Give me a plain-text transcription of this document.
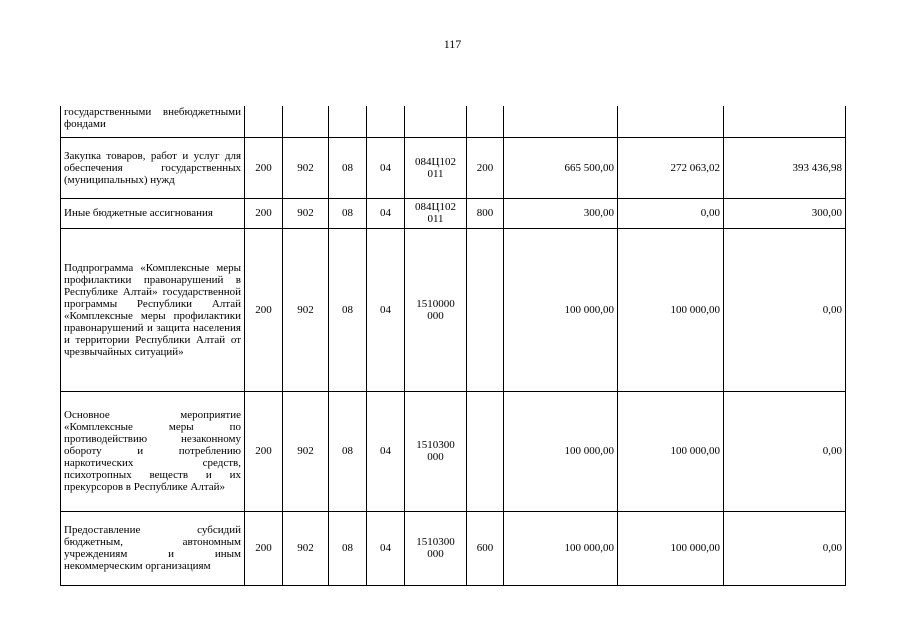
117
государственными внебюджетными фондами									
Закупка товаров, работ и услуг для обеспечения государственных (муниципальных) нужд	200	902	08	04	084Ц102 011	200	665 500,00	272 063,02	393 436,98
Иные бюджетные ассигнования	200	902	08	04	084Ц102 011	800	300,00	0,00	300,00
Подпрограмма «Комплексные меры профилактики правонарушений в Республике Алтай» государственной программы Республики Алтай «Комплексные меры профилактики правонарушений и защита населения и территории Республики Алтай от чрезвычайных ситуаций»	200	902	08	04	1510000 000		100 000,00	100 000,00	0,00
Основное мероприятие «Комплексные меры по противодействию незаконному обороту и потреблению наркотических средств, психотропных веществ и их прекурсоров в Республике Алтай»	200	902	08	04	1510300 000		100 000,00	100 000,00	0,00
Предоставление субсидий бюджетным, автономным учреждениям и иным некоммерческим организациям	200	902	08	04	1510300 000	600	100 000,00	100 000,00	0,00
